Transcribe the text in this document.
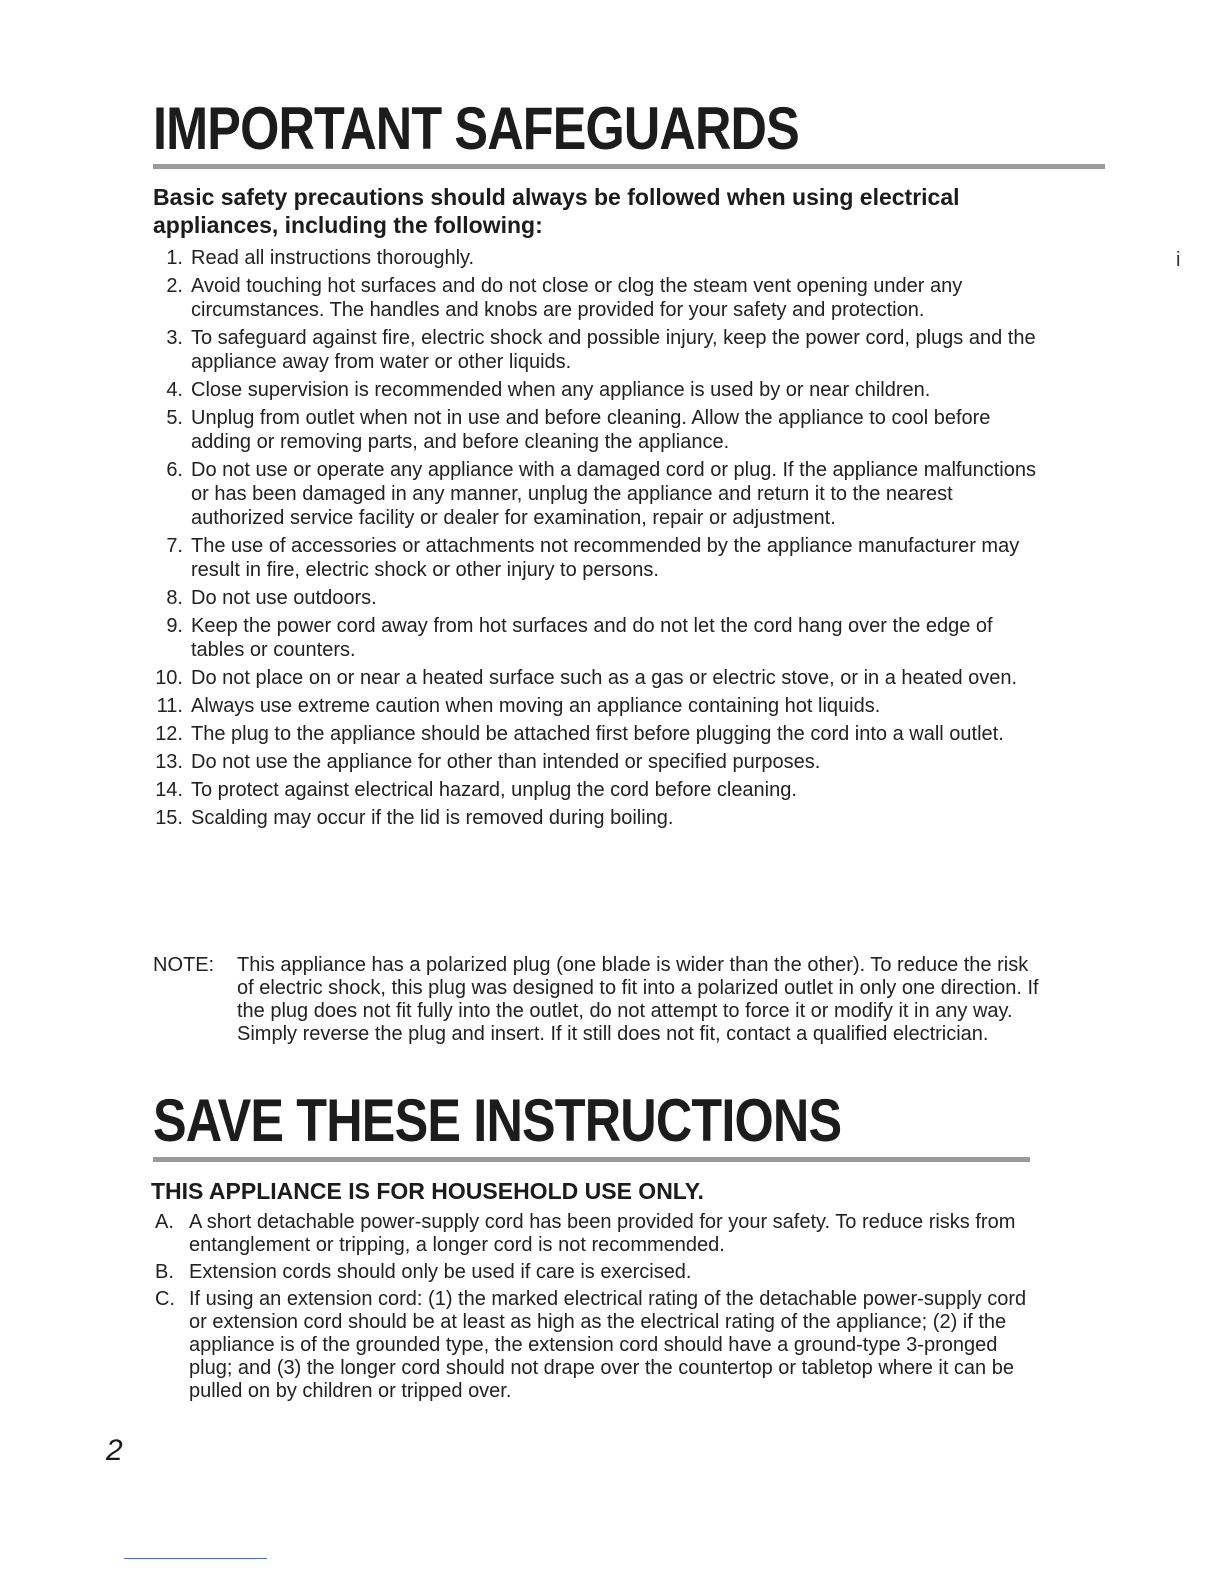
IMPORTANT SAFEGUARDS

Basic safety precautions should always be followed when using electrical appliances, including the following:

i
1. Read all instructions thoroughly.
2. Avoid touching hot surfaces and do not close or clog the steam vent opening under any circumstances. The handles and knobs are provided for your safety and protection.
3. To safeguard against fire, electric shock and possible injury, keep the power cord, plugs and the appliance away from water or other liquids.
4. Close supervision is recommended when any appliance is used by or near children.
5. Unplug from outlet when not in use and before cleaning. Allow the appliance to cool before adding or removing parts, and before cleaning the appliance.
6. Do not use or operate any appliance with a damaged cord or plug. If the appliance malfunctions or has been damaged in any manner, unplug the appliance and return it to the nearest authorized service facility or dealer for examination, repair or adjustment.
7. The use of accessories or attachments not recommended by the appliance manufacturer may result in fire, electric shock or other injury to persons.
8. Do not use outdoors.
9. Keep the power cord away from hot surfaces and do not let the cord hang over the edge of tables or counters.
10. Do not place on or near a heated surface such as a gas or electric stove, or in a heated oven.
11. Always use extreme caution when moving an appliance containing hot liquids.
12. The plug to the appliance should be attached first before plugging the cord into a wall outlet.
13. Do not use the appliance for other than intended or specified purposes.
14. To protect against electrical hazard, unplug the cord before cleaning.
15. Scalding may occur if the lid is removed during boiling.
NOTE: This appliance has a polarized plug (one blade is wider than the other). To reduce the risk of electric shock, this plug was designed to fit into a polarized outlet in only one direction. If the plug does not fit fully into the outlet, do not attempt to force it or modify it in any way. Simply reverse the plug and insert. If it still does not fit, contact a qualified electrician.
SAVE THESE INSTRUCTIONS

THIS APPLIANCE IS FOR HOUSEHOLD USE ONLY.

A. A short detachable power-supply cord has been provided for your safety. To reduce risks from entanglement or tripping, a longer cord is not recommended.
B. Extension cords should only be used if care is exercised.
C. If using an extension cord: (1) the marked electrical rating of the detachable power-supply cord or extension cord should be at least as high as the electrical rating of the appliance; (2) if the appliance is of the grounded type, the extension cord should have a ground-type 3-pronged plug; and (3) the longer cord should not drape over the countertop or tabletop where it can be pulled on by children or tripped over.
2
